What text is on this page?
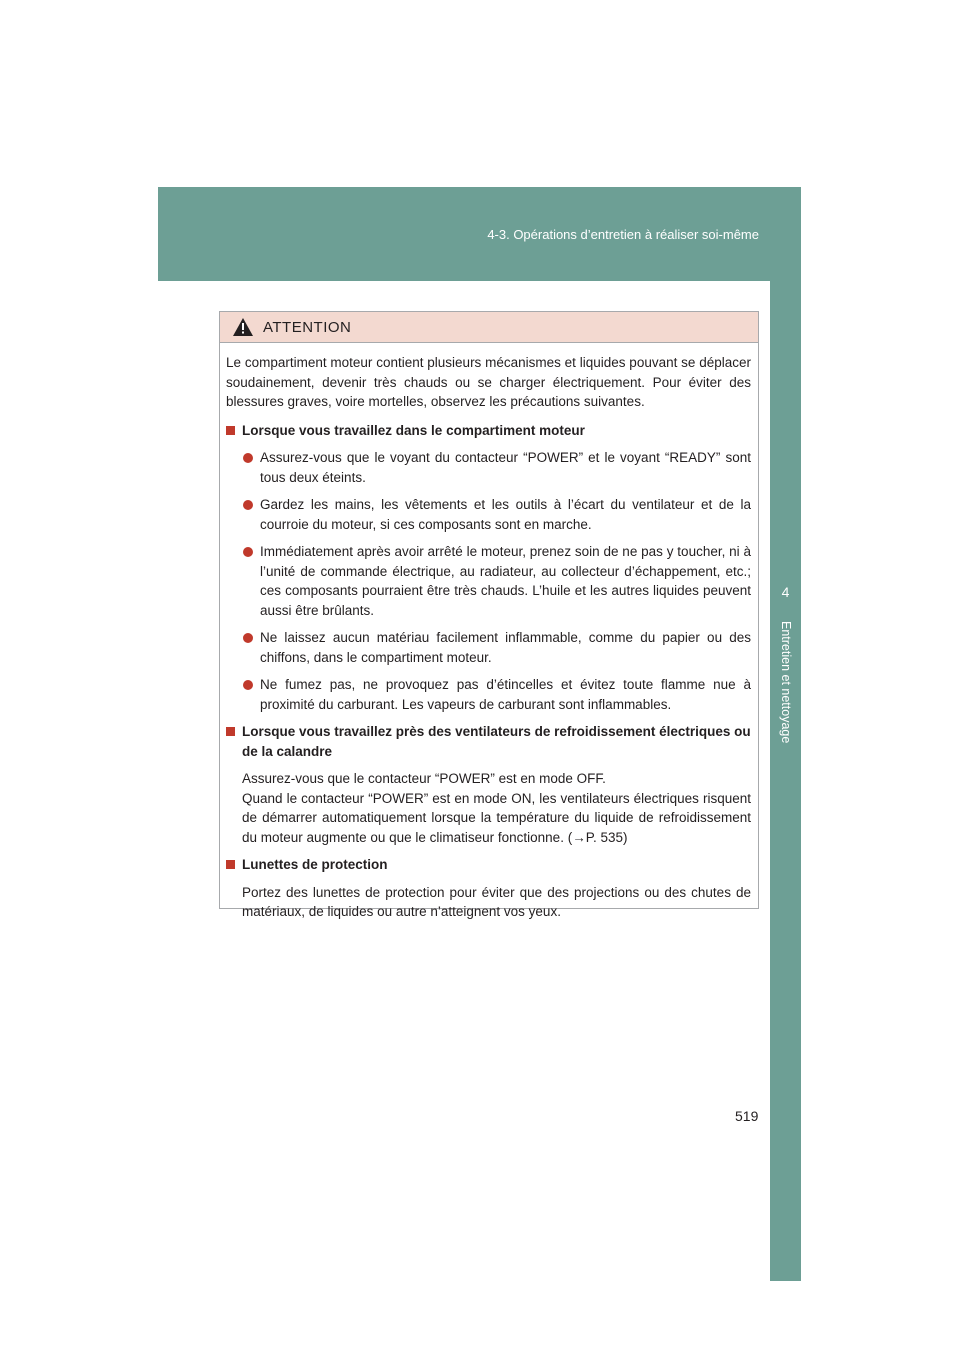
4-3. Opérations d’entretien à réaliser soi-même
4
Entretien et nettoyage
ATTENTION

Le compartiment moteur contient plusieurs mécanismes et liquides pouvant se déplacer soudainement, devenir très chauds ou se charger électriquement. Pour éviter des blessures graves, voire mortelles, observez les précautions suivantes.

Lorsque vous travaillez dans le compartiment moteur
Assurez-vous que le voyant du contacteur “POWER” et le voyant “READY” sont tous deux éteints.
Gardez les mains, les vêtements et les outils à l’écart du ventilateur et de la courroie du moteur, si ces composants sont en marche.
Immédiatement après avoir arrêté le moteur, prenez soin de ne pas y toucher, ni à l’unité de commande électrique, au radiateur, au collecteur d’échappement, etc.; ces composants pourraient être très chauds. L’huile et les autres liquides peuvent aussi être brûlants.
Ne laissez aucun matériau facilement inflammable, comme du papier ou des chiffons, dans le compartiment moteur.
Ne fumez pas, ne provoquez pas d’étincelles et évitez toute flamme nue à proximité du carburant. Les vapeurs de carburant sont inflammables.
Lorsque vous travaillez près des ventilateurs de refroidissement électriques ou de la calandre
Assurez-vous que le contacteur “POWER” est en mode OFF.
Quand le contacteur “POWER” est en mode ON, les ventilateurs électriques risquent de démarrer automatiquement lorsque la température du liquide de refroidissement du moteur augmente ou que le climatiseur fonctionne. (→P. 535)
Lunettes de protection
Portez des lunettes de protection pour éviter que des projections ou des chutes de matériaux, de liquides ou autre n’atteignent vos yeux.
519
